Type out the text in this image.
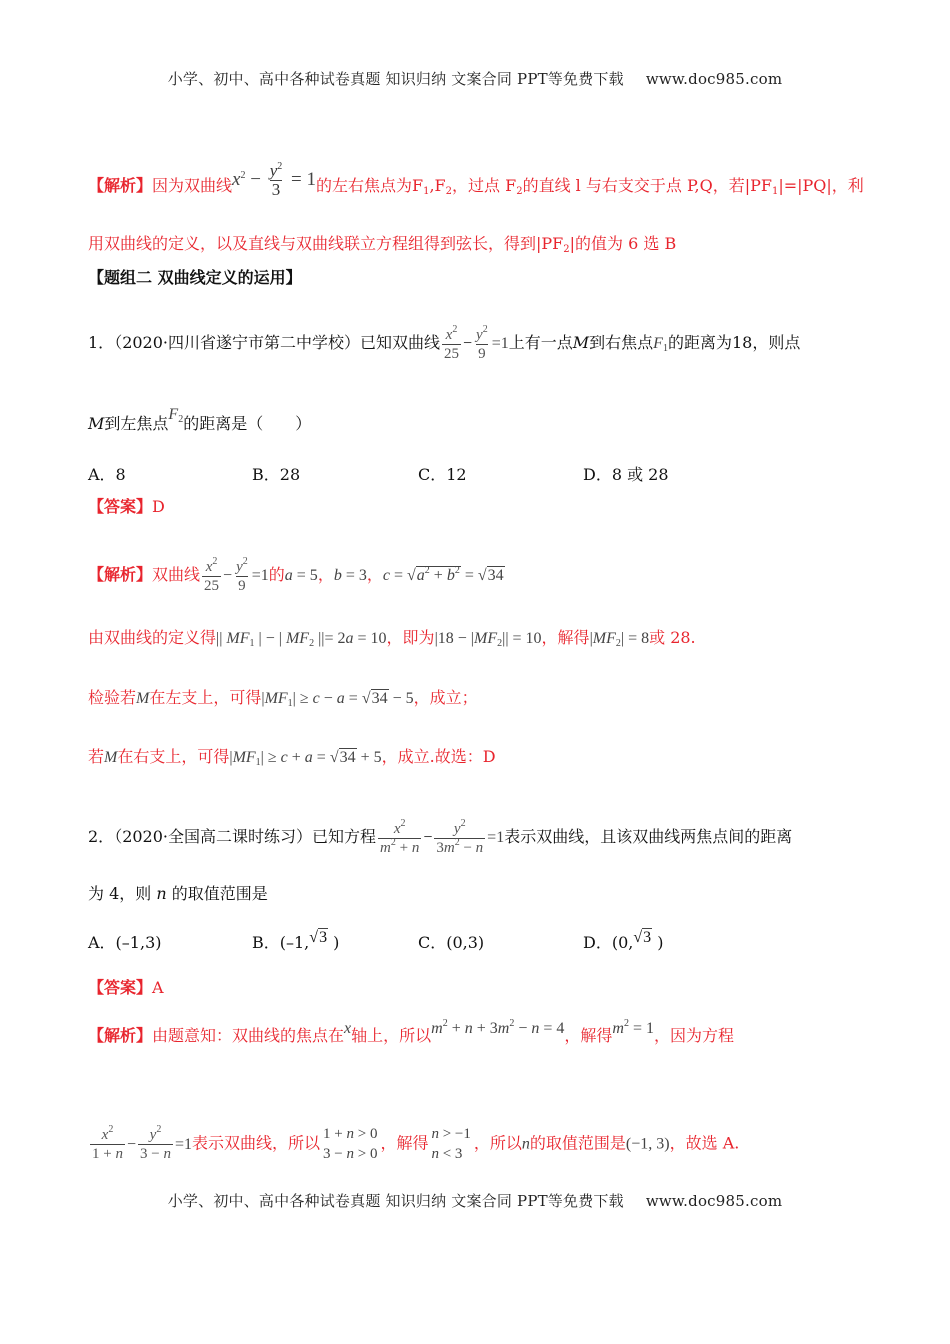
小学、初中、高中各种试卷真题 知识归纳 文案合同 PPT等免费下载 www.doc985.com
【解析】因为双曲线$x^2 - \frac{y^2}{3} = 1$的左右焦点为$F_1,F_2$，过点 $F_2$的直线 l 与右支交于点 P,Q，若$|PF_1|=|PQ|$，利
用双曲线的定义，以及直线与双曲线联立方程组得到弦长，得到$|PF_2|$的值为 6 选 B
【题组二 双曲线定义的运用】
1．（2020·四川省遂宁市第二中学校）已知双曲线 $\frac{x^2}{25} - \frac{y^2}{9} =1$上有一点M到右焦点$F_1$的距离为18，则点
M到左焦点$F_2$的距离是（　　）
A．8	B．28	C．12	D．8 或 28
【答案】D
【解析】双曲线 $\frac{x^2}{25} - \frac{y^2}{9} =1$的a = 5，b = 3，$c = √a^2 + b^2 = √34$
由双曲线的定义得|| $MF_1$ | − | $MF_2$ ||= 2a = 10，即为$|18 - |MF_2|| = 10$，解得$|MF_2| = 8$或 28.
检验若M在左支上，可得$|MF_1| \ge c - a = √34 - 5$，成立；
若M在右支上，可得$|MF_1| \ge c + a = √34 + 5$，成立.故选：D
2．（2020·全国高二课时练习）已知方程 $\frac{x^2}{m^2 + n} - \frac{y^2}{3m^2 - n} =1$表示双曲线，且该双曲线两焦点间的距离
为 4，则 n 的取值范围是
A．(–1,3)	B．(–1,√3 )	C．(0,3)	D．(0,√3 )
【答案】A
【解析】由题意知：双曲线的焦点在x轴上，所以$m^2 + n + 3m^2 - n = 4$，解得$m^2 = 1$，因为方程
$\frac{x^2}{1 + n} - \frac{y^2}{3 - n} =1$表示双曲线，所以 1 + n > 0
3 − n > 0
，解得 n > −1
n < 3
，所以n的取值范围是(−1, 3)，故选 A.
小学、初中、高中各种试卷真题 知识归纳 文案合同 PPT等免费下载 www.doc985.com
